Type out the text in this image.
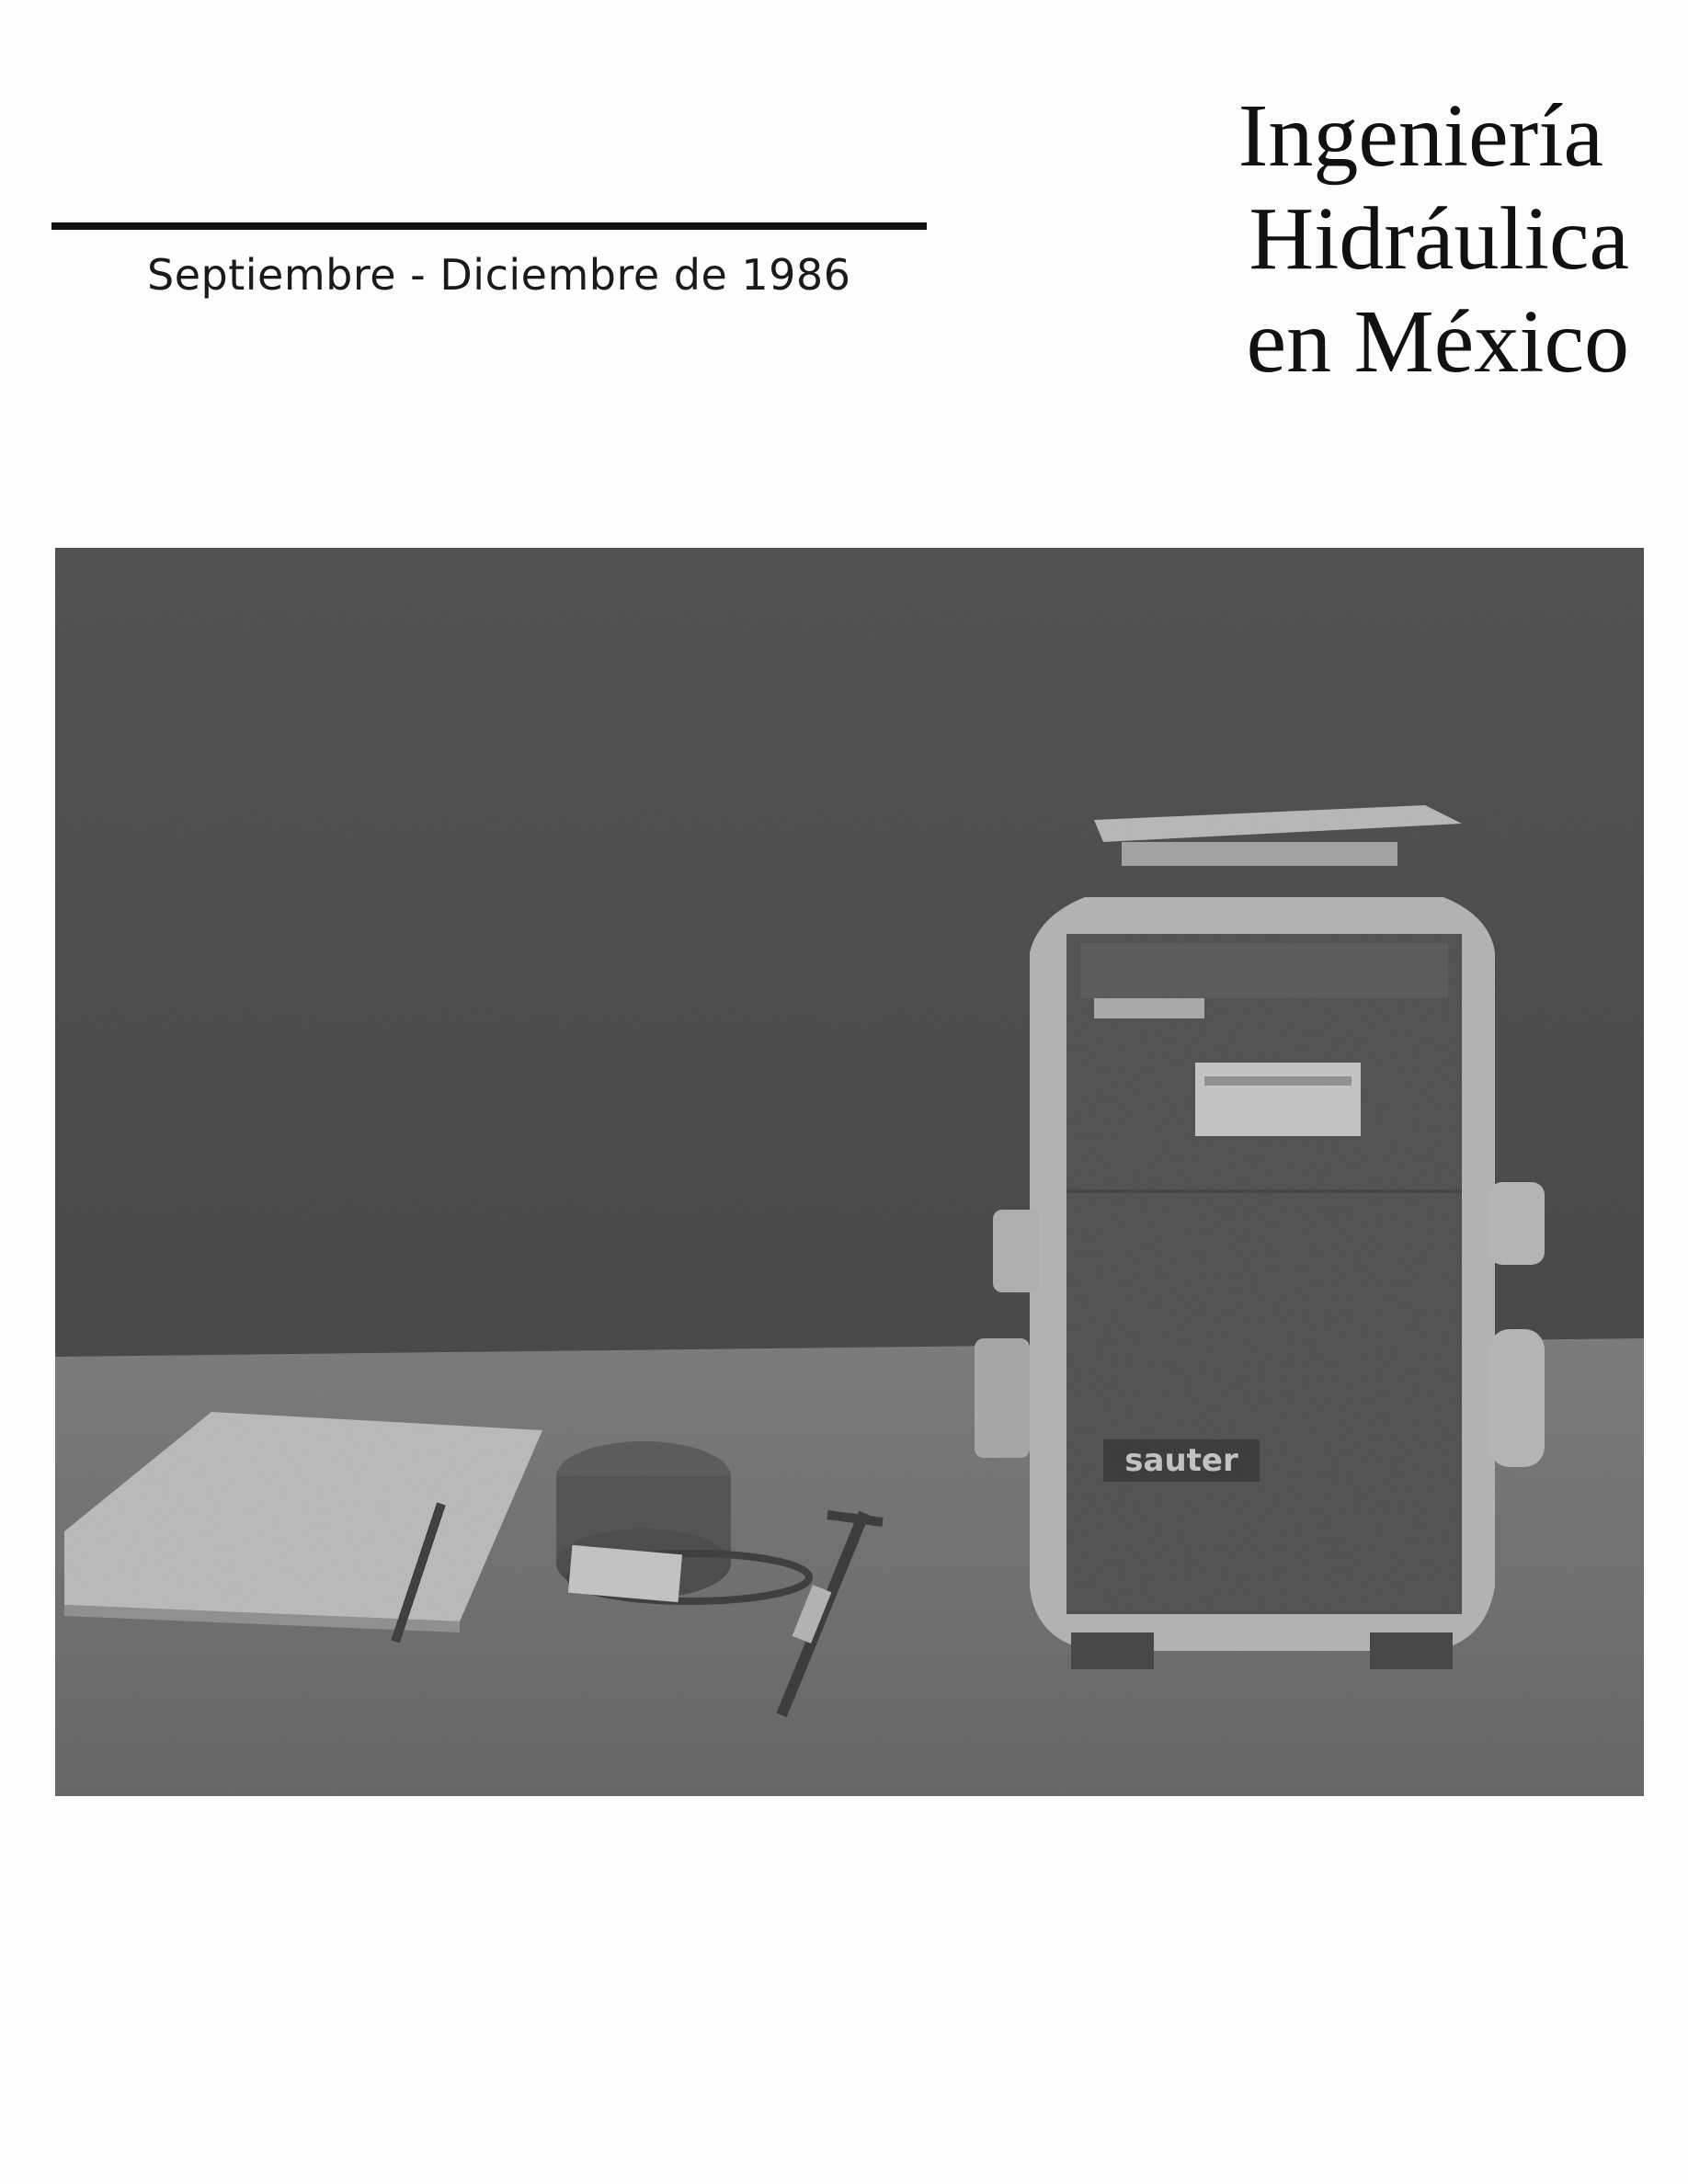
Septiembre - Diciembre de 1986
Ingeniería
Hidráulica
en México
sauter
